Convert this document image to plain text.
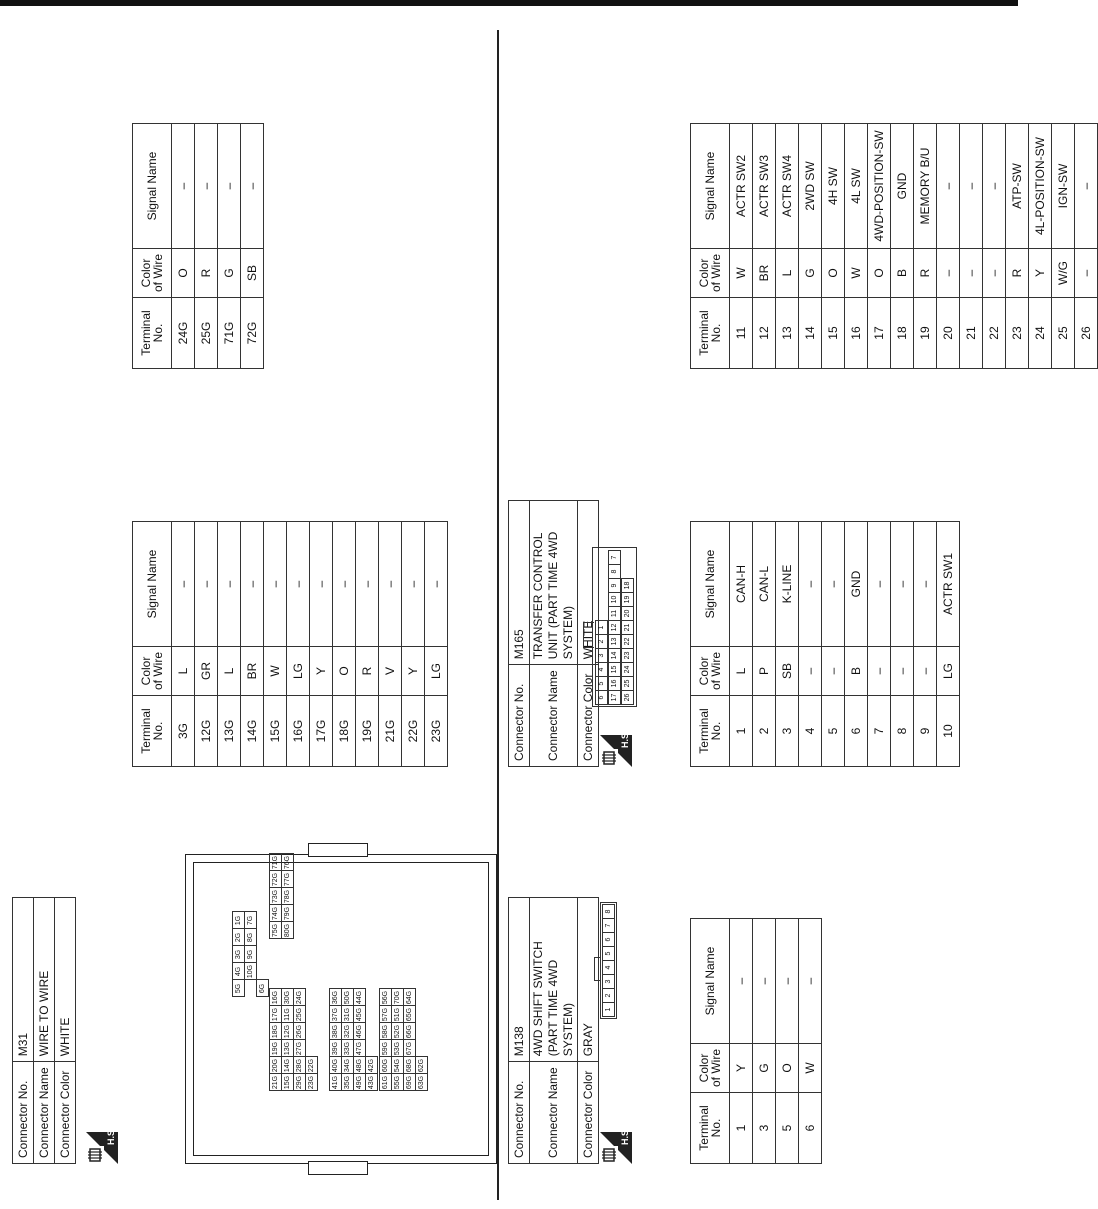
Connector No.	M31
Connector Name	WIRE TO WIRE
Connector Color	WHITE
H.S.
5G
4G
3G
2G
1G
10G
9G
8G
7G
6G
21G
20G
19G
18G
17G
16G
15G
14G
13G
12G
11G
30G
29G
28G
27G
26G
25G
24G
23G
22G
41G
40G
39G
38G
37G
36G
35G
34G
33G
32G
31G
50G
49G
48G
47G
46G
45G
44G
43G
42G
61G
60G
59G
58G
57G
56G
55G
54G
53G
52G
51G
70G
69G
68G
67G
66G
65G
64G
63G
62G
75G
74G
73G
72G
71G
80G
79G
78G
77G
76G
Terminal No.	Color of Wire	Signal Name
3G	L	–
12G	GR	–
13G	L	–
14G	BR	–
15G	W	–
16G	LG	–
17G	Y	–
18G	O	–
19G	R	–
21G	V	–
22G	Y	–
23G	LG	–
Terminal No.	Color of Wire	Signal Name
24G	O	–
25G	R	–
71G	G	–
72G	SB	–
Connector No.	M138
Connector Name	4WD SHIFT SWITCH (PART TIME 4WD SYSTEM)
Connector Color	GRAY
H.S.
1
2
3
4
5
6
7
8
Terminal No.	Color of Wire	Signal Name
1	Y	–
3	G	–
5	O	–
6	W	–
Connector No.	M165
Connector Name	TRANSFER CONTROL UNIT (PART TIME 4WD SYSTEM)
Connector Color	WHITE
H.S.
6
5
4
3
2
1
17
16
15
14
13
12
11
10
9
8
7
26
25
24
23
22
21
20
19
18
Terminal No.	Color of Wire	Signal Name
1	L	CAN-H
2	P	CAN-L
3	SB	K-LINE
4	–	–
5	–	–
6	B	GND
7	–	–
8	–	–
9	–	–
10	LG	ACTR SW1
Terminal No.	Color of Wire	Signal Name
11	W	ACTR SW2
12	BR	ACTR SW3
13	L	ACTR SW4
14	G	2WD SW
15	O	4H SW
16	W	4L SW
17	O	4WD-POSITION-SW
18	B	GND
19	R	MEMORY B/U
20	–	–
21	–	–
22	–	–
23	R	ATP-SW
24	Y	4L-POSITION-SW
25	W/G	IGN-SW
26	–	–
